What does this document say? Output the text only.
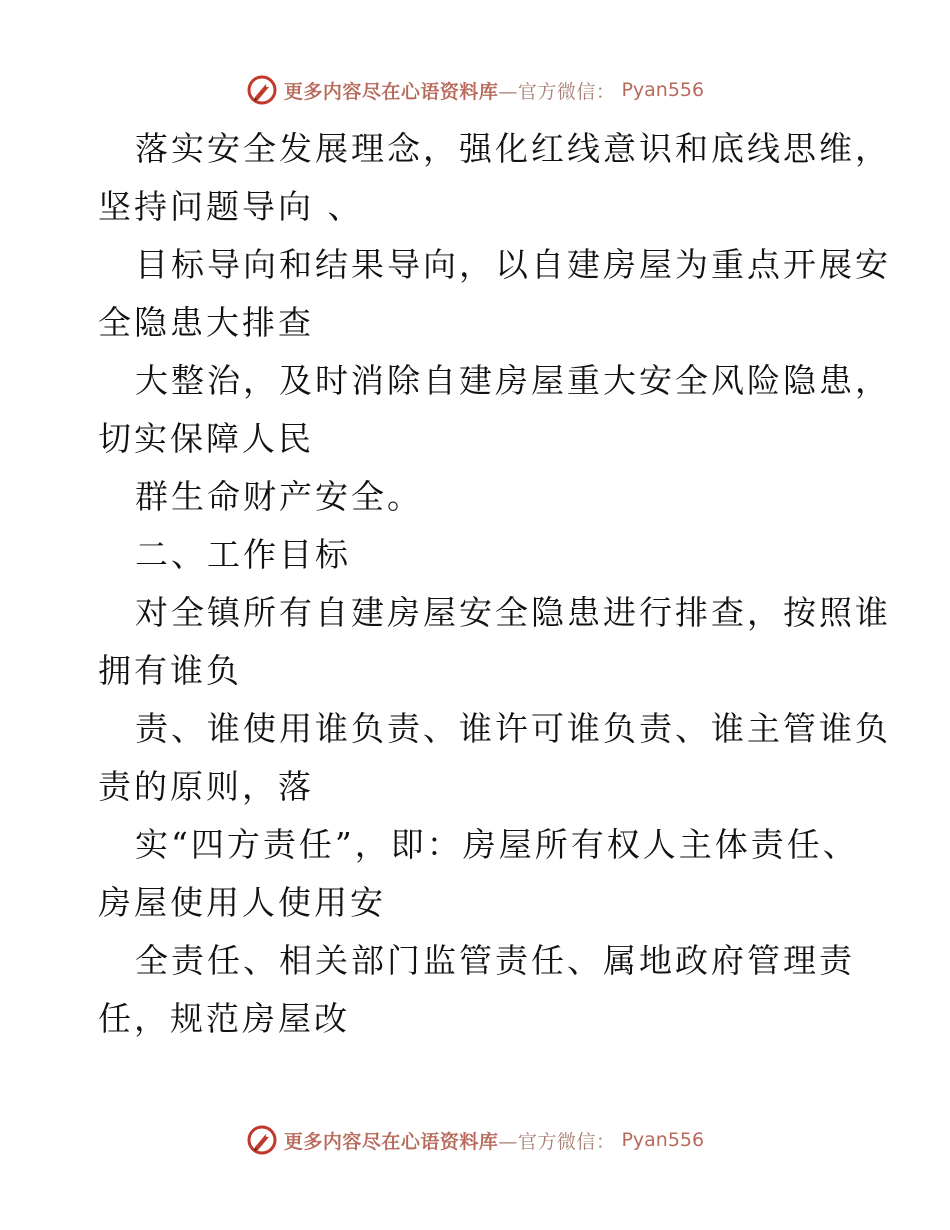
更多内容尽在心语资料库—官方微信： Pyan556
落实安全发展理念，强化红线意识和底线思维，
坚持问题导向 、
目标导向和结果导向，以自建房屋为重点开展安
全隐患大排查
大整治，及时消除自建房屋重大安全风险隐患，
切实保障人民
群生命财产安全。
二、工作目标
对全镇所有自建房屋安全隐患进行排查，按照谁
拥有谁负
责、谁使用谁负责、谁许可谁负责、谁主管谁负
责的原则，落
实“四方责任”，即：房屋所有权人主体责任、
房屋使用人使用安
全责任、相关部门监管责任、属地政府管理责
任，规范房屋改
更多内容尽在心语资料库—官方微信： Pyan556
